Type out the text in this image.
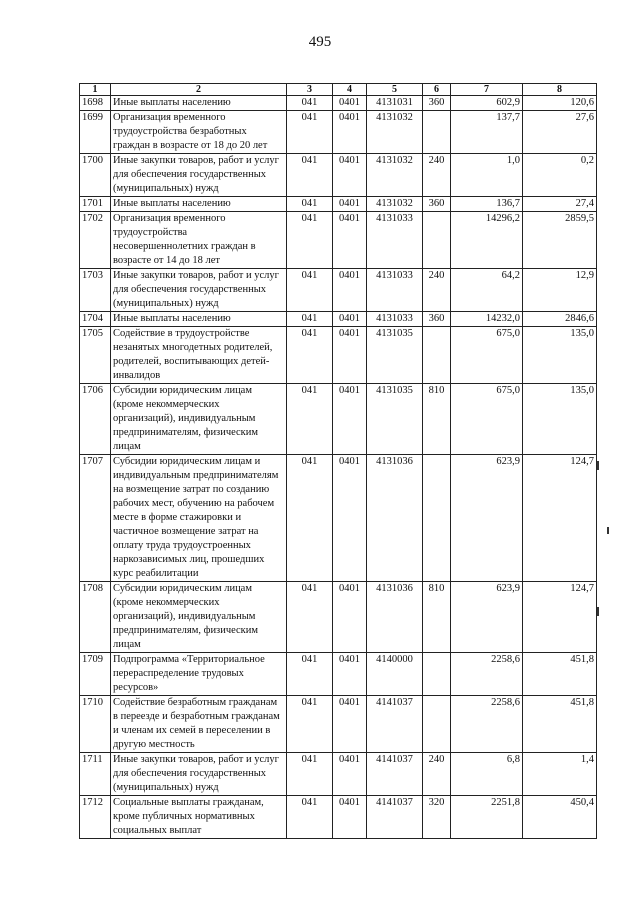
495
1	2	3	4	5	6	7	8
1698	Иные выплаты населению	041	0401	4131031	360	602,9	120,6
1699	Организация временного трудоустройства безработных граждан в возрасте от 18 до 20 лет	041	0401	4131032		137,7	27,6
1700	Иные закупки товаров, работ и услуг для обеспечения государственных (муниципальных) нужд	041	0401	4131032	240	1,0	0,2
1701	Иные выплаты населению	041	0401	4131032	360	136,7	27,4
1702	Организация временного трудоустройства несовершеннолетних граждан в возрасте от 14 до 18 лет	041	0401	4131033		14296,2	2859,5
1703	Иные закупки товаров, работ и услуг для обеспечения государственных (муниципальных) нужд	041	0401	4131033	240	64,2	12,9
1704	Иные выплаты населению	041	0401	4131033	360	14232,0	2846,6
1705	Содействие в трудоустройстве незанятых многодетных родителей, родителей, воспитывающих детей-инвалидов	041	0401	4131035		675,0	135,0
1706	Субсидии юридическим лицам (кроме некоммерческих организаций), индивидуальным предпринимателям, физическим лицам	041	0401	4131035	810	675,0	135,0
1707	Субсидии юридическим лицам и индивидуальным предпринимателям на возмещение затрат по созданию рабочих мест, обучению на рабочем месте в форме стажировки и частичное возмещение затрат на оплату труда трудоустроенных наркозависимых лиц, прошедших курс реабилитации	041	0401	4131036		623,9	124,7
1708	Субсидии юридическим лицам (кроме некоммерческих организаций), индивидуальным предпринимателям, физическим лицам	041	0401	4131036	810	623,9	124,7
1709	Подпрограмма «Территориальное перераспределение трудовых ресурсов»	041	0401	4140000		2258,6	451,8
1710	Содействие безработным гражданам в переезде и безработным гражданам и членам их семей в переселении в другую местность	041	0401	4141037		2258,6	451,8
1711	Иные закупки товаров, работ и услуг для обеспечения государственных (муниципальных) нужд	041	0401	4141037	240	6,8	1,4
1712	Социальные выплаты гражданам, кроме публичных нормативных социальных выплат	041	0401	4141037	320	2251,8	450,4
